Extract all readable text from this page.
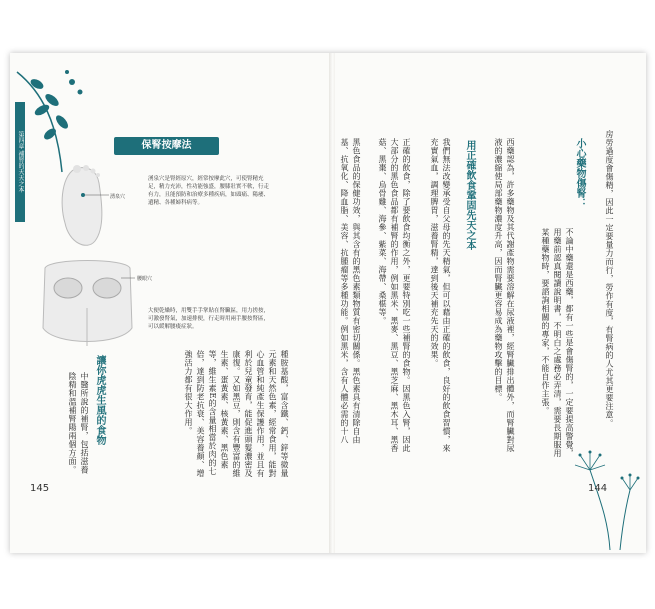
第四章 補腎的天天之本	保腎按摩法
湧泉穴
湧泉穴是腎經原穴，經常按摩此穴，可使腎精充足，精力充沛，性功能強盛，腰膝壯實不軟，行走有力，且能預防和治療多種疾病，如頭痛、陽痿、遺精、各種婦科病等。
腰眼穴
大便乾燥時，用雙手手掌貼在腎臟區，用力搓按，可激發腎氣，加速排便，行走時用兩手腰按腎區，可以緩解腰痠症狀。
種胺基酸，富含鐵、鈣、鋅等微量元素和天然色素，經常食用，能對心血管和純產生保護作用，並且有利於兒童發育，能促進頭髮濃密及康復。又如黑豆，則含有豐富的維生素、蛋黃素、核黃素、黑色素等，維生素E的含量相當於肉的七倍，達到防老抗衰、美容養顏、增強活力都有很大作用。
讓你虎虎生風的食物
中醫所說的補腎，包括滋養陰精和溫補腎陽兩個方面。
145
房勞過度會傷精，因此一定要量力而行，勞作有度，有腎病的人尤其更要注意。
小心藥物傷腎：
不論中藥還是西藥，都有一些是會傷腎的，一定要提高警覺，用藥前認真閱讀說明書，不明白之處務必弄清，需要長期服用某種藥物時，要諮詢相關的專家，不能自作主張。
西藥認為，許多藥物及其代謝產物需要溶解在尿液裡，經腎臟排出體外，而腎臟對尿液的濃縮使局部藥物濃度升高，因而腎臟更容易成為藥物攻擊的目標。
用正確飲食鞏固先天之本
我們無法改變承受自父母的先天精氣，但可以藉由正確的飲食，良好的飲食習慣，來充實氣血，調理脾胃，滋養腎精，達到後天補充先天的效果。
正確的飲食，除了要飲食均衡之外，更要特別吃一些補腎的食物。因黑色入腎，因此大部分的黑色食品都有補腎的作用，例如黑米、黑麥、黑豆、黑芝麻、黑木耳、黑香菇、黑棗、烏骨雞、海參、紫菜、海帶、桑椹等。
黑色食品的保健功效，與其含有的黑色素類物質有密切關係。黑色素具有清除自由基、抗氧化、降血脂、美容、抗腫瘤等多種功能。例如黑米，含有人體必需的十八
144
